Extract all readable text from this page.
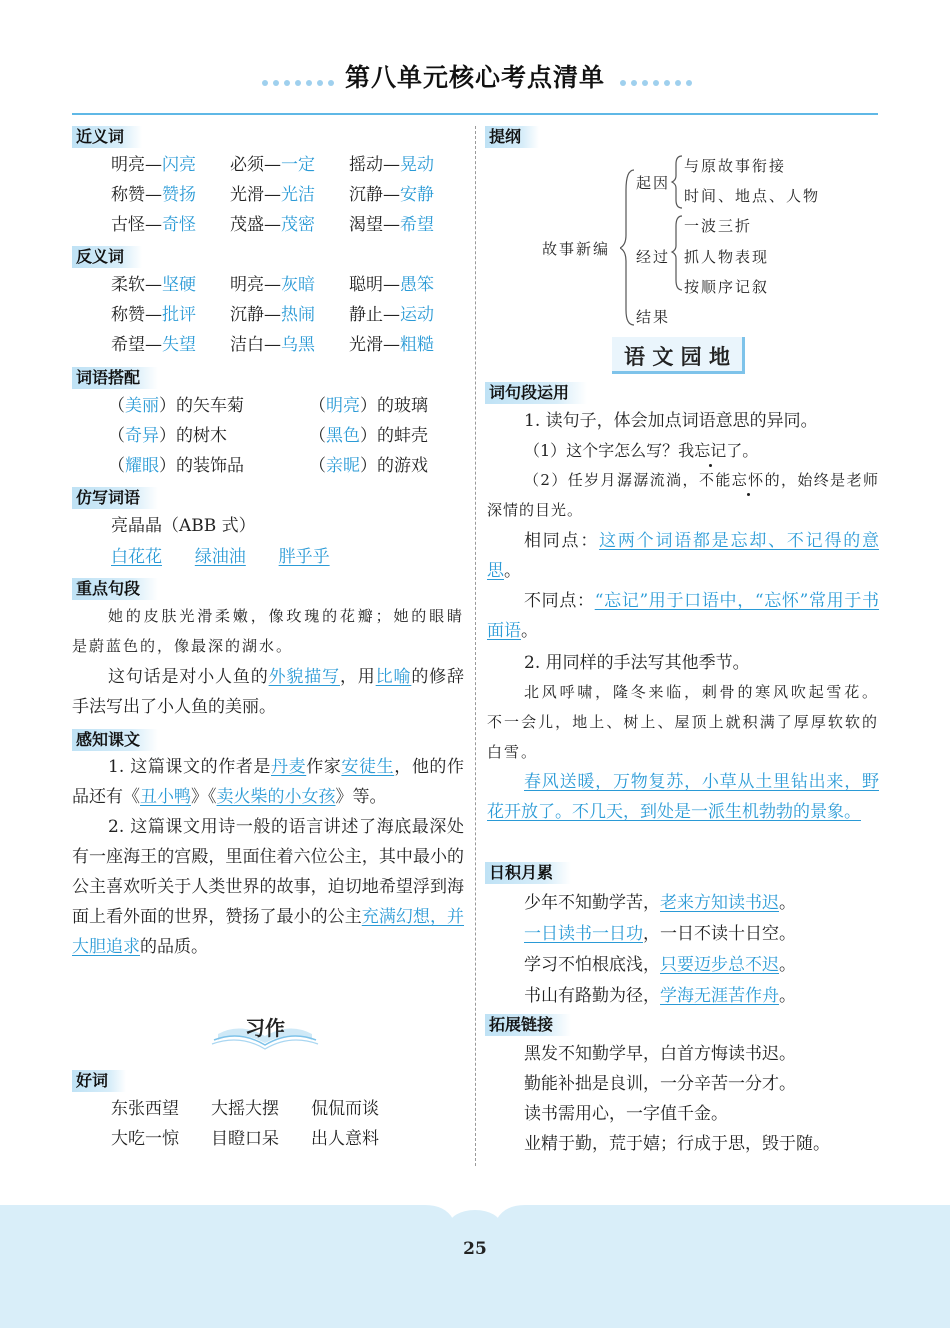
第八单元核心考点清单
近义词
明亮—闪亮 必须—一定 摇动—晃动
称赞—赞扬 光滑—光洁 沉静—安静
古怪—奇怪 茂盛—茂密 渴望—希望
反义词
柔软—坚硬 明亮—灰暗 聪明—愚笨
称赞—批评 沉静—热闹 静止—运动
希望—失望 洁白—乌黑 光滑—粗糙
词语搭配
（美丽）的矢车菊	（明亮）的玻璃
（奇异）的树木	（黑色）的蚌壳
（耀眼）的装饰品	（亲昵）的游戏
仿写词语
亮晶晶（ABB 式）
白花花 绿油油 胖乎乎
重点句段
她的皮肤光滑柔嫩，像玫瑰的花瓣；她的眼睛是蔚蓝色的，像最深的湖水。
这句话是对小人鱼的外貌描写，用比喻的修辞手法写出了小人鱼的美丽。
感知课文
1. 这篇课文的作者是丹麦作家安徒生，他的作品还有《丑小鸭》《卖火柴的小女孩》等。
2. 这篇课文用诗一般的语言讲述了海底最深处有一座海王的宫殿，里面住着六位公主，其中最小的公主喜欢听关于人类世界的故事，迫切地希望浮到海面上看外面的世界，赞扬了最小的公主充满幻想，并大胆追求的品质。
习作
好词
东张西望 大摇大摆 侃侃而谈
大吃一惊 目瞪口呆 出人意料
提纲
故事新编
起因
与原故事衔接
时间、地点、人物
经过
一波三折
抓人物表现
按顺序记叙
结果
语 文 园 地
词句段运用
1. 读句子，体会加点词语意思的异同。
（1）这个字怎么写？我忘记了。
（2）任岁月潺潺流淌，不能忘怀的，始终是老师深情的目光。
相同点：这两个词语都是忘却、不记得的意思。
不同点：“忘记”用于口语中，“忘怀”常用于书面语。
2. 用同样的手法写其他季节。
北风呼啸，隆冬来临，刺骨的寒风吹起雪花。不一会儿，地上、树上、屋顶上就积满了厚厚软软的白雪。
春风送暖，万物复苏，小草从土里钻出来，野花开放了。不几天，到处是一派生机勃勃的景象。
日积月累
少年不知勤学苦，老来方知读书迟。
一日读书一日功，一日不读十日空。
学习不怕根底浅，只要迈步总不迟。
书山有路勤为径，学海无涯苦作舟。
拓展链接
黑发不知勤学早，白首方悔读书迟。
勤能补拙是良训，一分辛苦一分才。
读书需用心，一字值千金。
业精于勤，荒于嬉；行成于思，毁于随。
25
